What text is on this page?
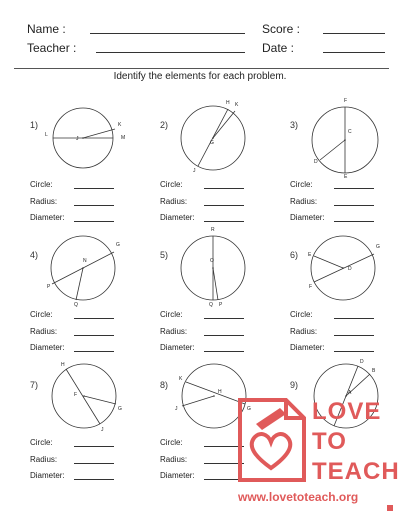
Name :	Score :
Teacher :	Date :
Identify the elements for each problem.
1)
L
J
K
M
Circle:
Radius:
Diameter:
2)
H K
G
J
Circle:
Radius:
Diameter:
3)
F
C
D
E
Circle:
Radius:
Diameter:
4)
G
N
P
Q
Circle:
Radius:
Diameter:
5)
R
O
Q P
Circle:
Radius:
Diameter:
6) E
G
D
F
Circle:
Radius:
Diameter:
7)
H
F
G
J
Circle:
Radius:
Diameter:
8)
K
H
J	G
Circle:
Radius:
Diameter:
9)
D
B
A
LOVE
TO
TEACH
www.lovetoteach.org
